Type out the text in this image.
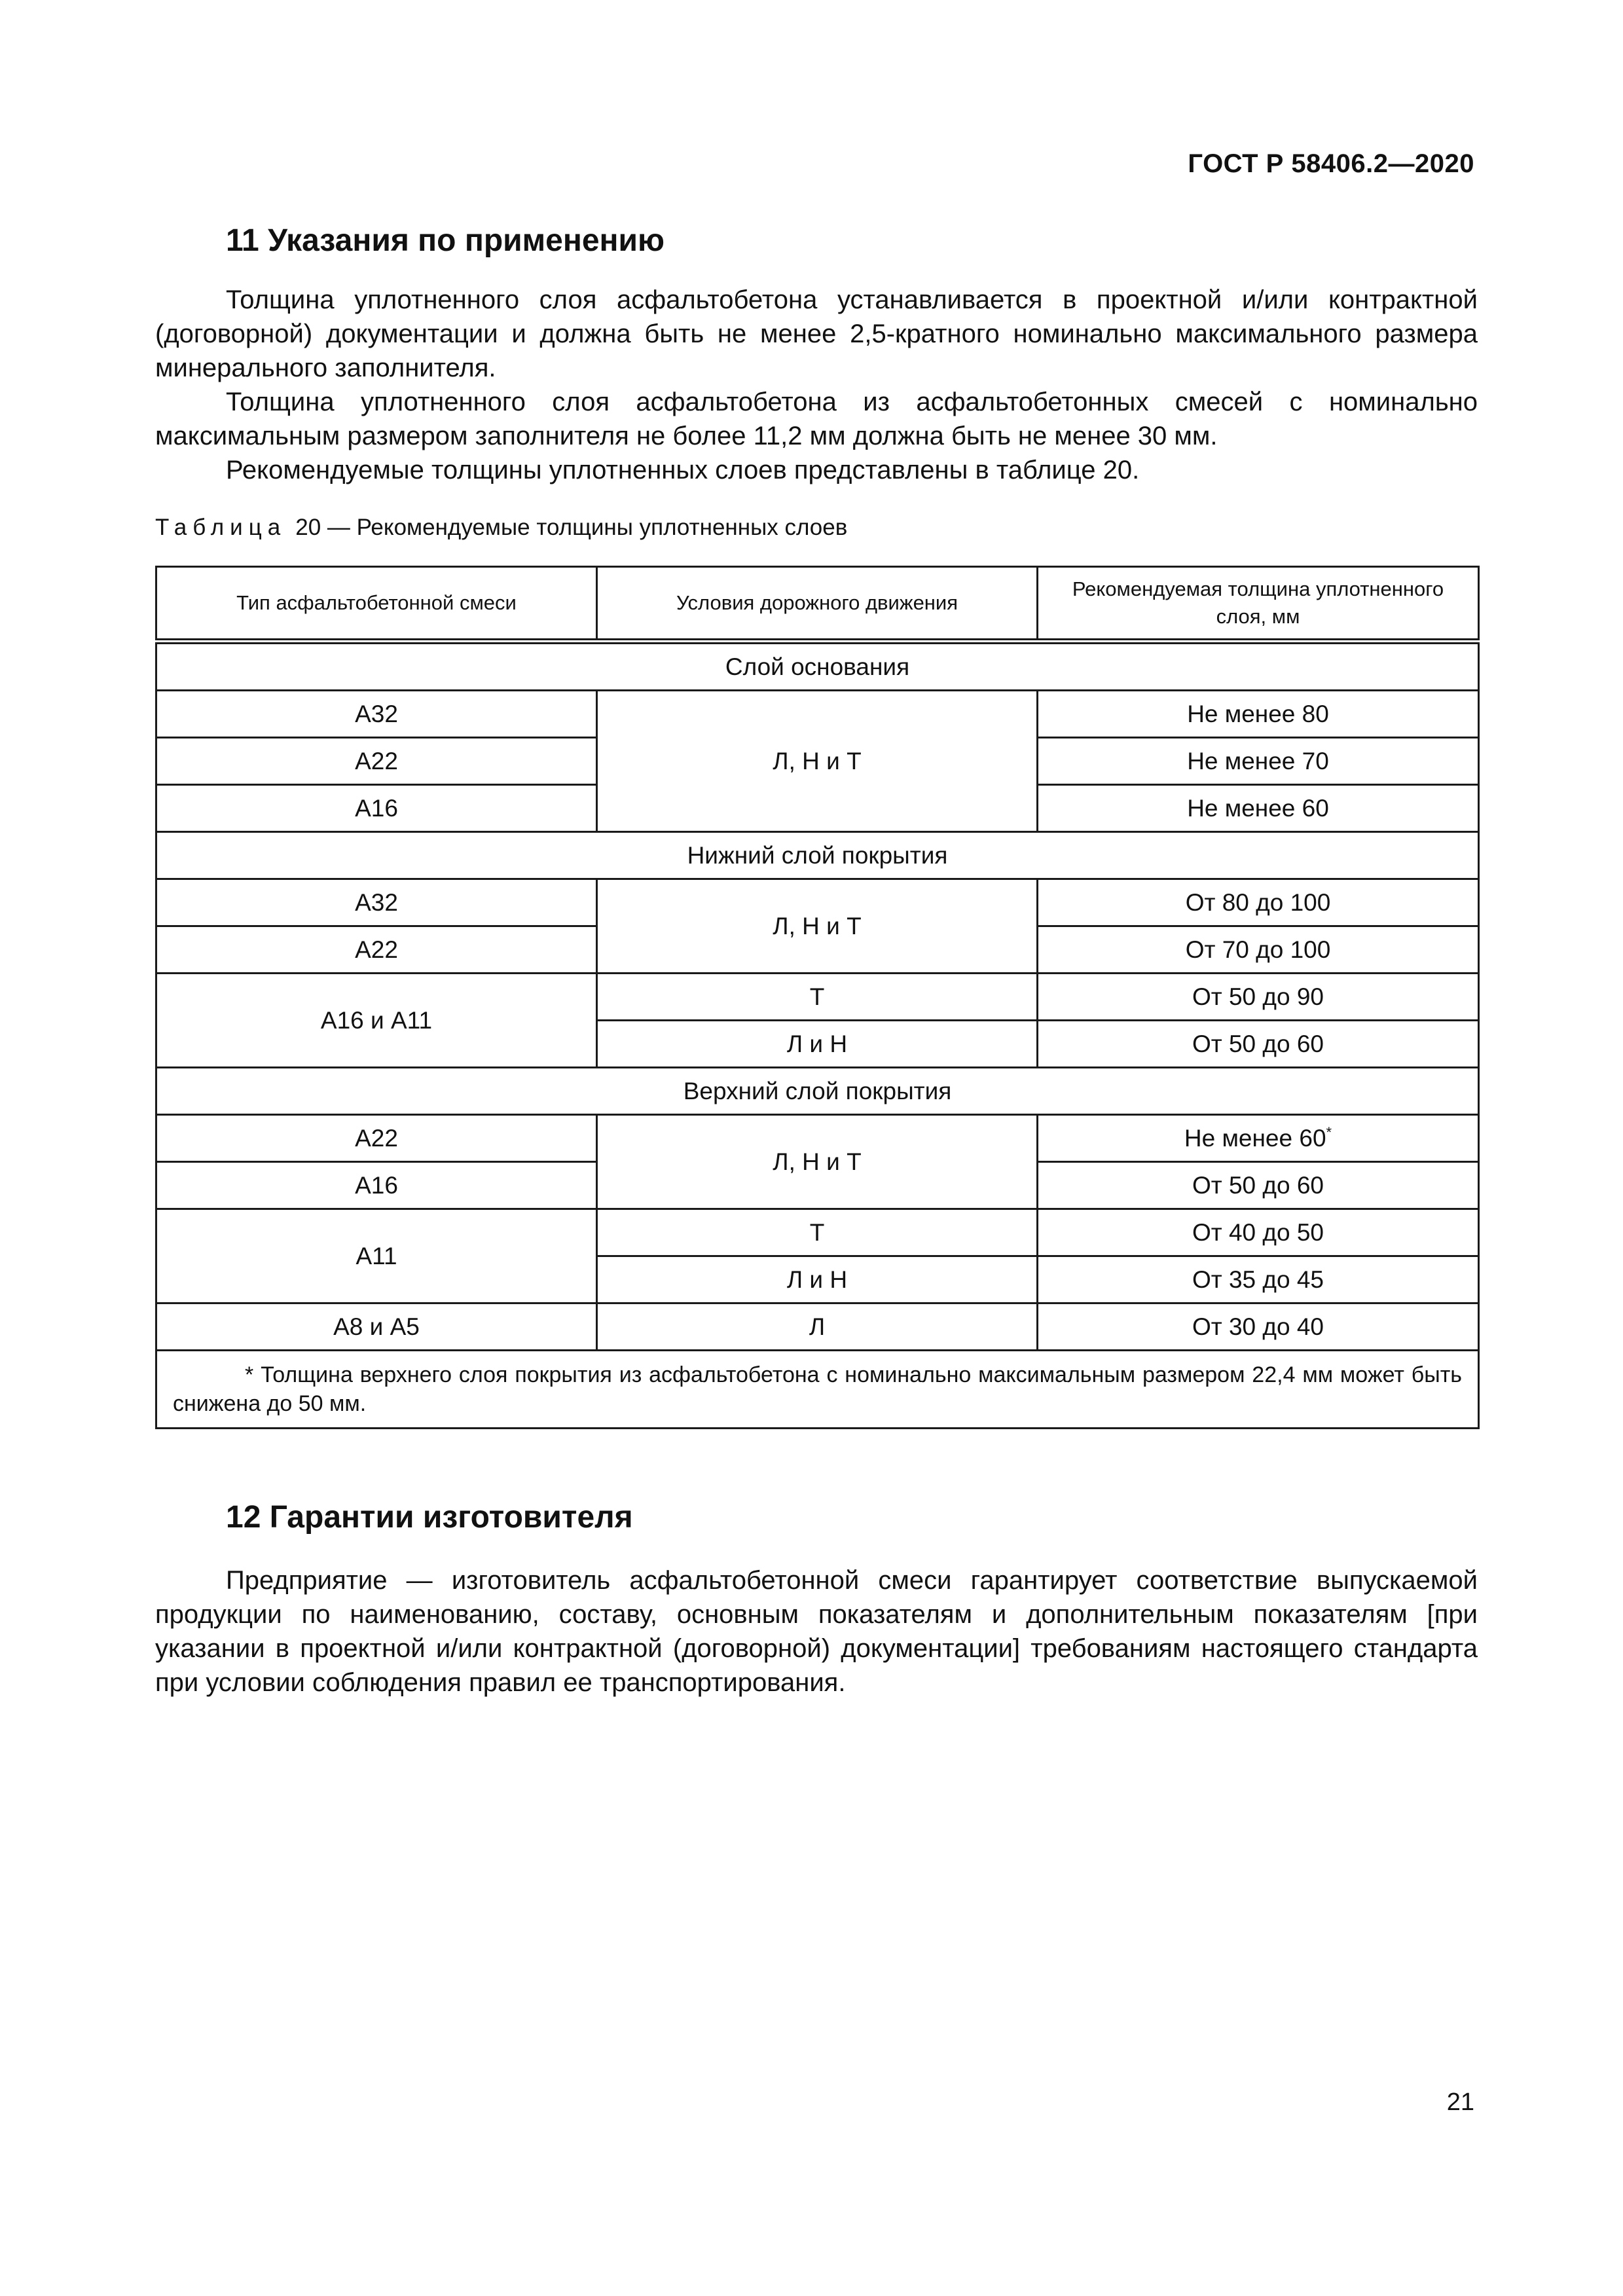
ГОСТ Р 58406.2—2020
11 Указания по применению

Толщина уплотненного слоя асфальтобетона устанавливается в проектной и/или контрактной (договорной) документации и должна быть не менее 2,5-кратного номинально максимального размера минерального заполнителя.

Толщина уплотненного слоя асфальтобетона из асфальтобетонных смесей с номинально максимальным размером заполнителя не более 11,2 мм должна быть не менее 30 мм.

Рекомендуемые толщины уплотненных слоев представлены в таблице 20.

Таблица 20 — Рекомендуемые толщины уплотненных слоев
Тип асфальтобетонной смеси	Условия дорожного движения	Рекомендуемая толщина уплотненного слоя, мм
Слой основания		
А32	Л, Н и Т	Не менее 80
А22		Не менее 70
А16		Не менее 60
Нижний слой покрытия		
А32	Л, Н и Т	От 80 до 100
А22		От 70 до 100
А16 и А11	Т	От 50 до 90
	Л и Н	От 50 до 60
Верхний слой покрытия		
А22	Л, Н и Т	Не менее 60*
А16		От 50 до 60
А11	Т	От 40 до 50
	Л и Н	От 35 до 45
А8 и А5	Л	От 30 до 40
* Толщина верхнего слоя покрытия из асфальтобетона с номинально максимальным размером 22,4 мм может быть снижена до 50 мм.		
12 Гарантии изготовителя

Предприятие — изготовитель асфальтобетонной смеси гарантирует соответствие выпускаемой продукции по наименованию, составу, основным показателям и дополнительным показателям [при указании в проектной и/или контрактной (договорной) документации] требованиям настоящего стандарта при условии соблюдения правил ее транспортирования.

21
